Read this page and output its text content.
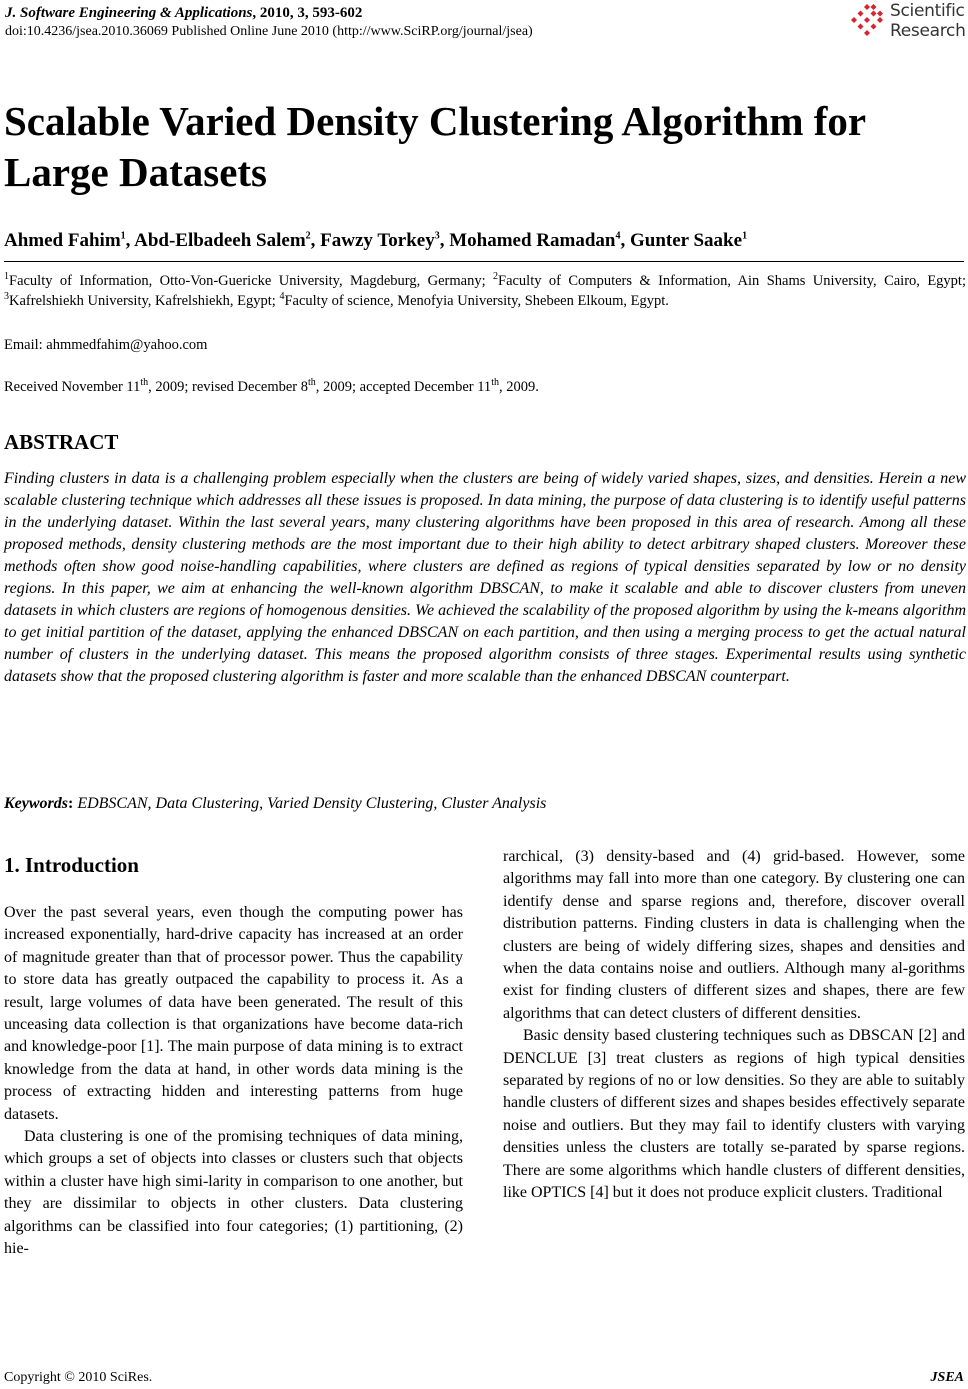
J. Software Engineering & Applications, 2010, 3, 593-602
doi:10.4236/jsea.2010.36069 Published Online June 2010 (http://www.SciRP.org/journal/jsea)
Scientific
Research
Scalable Varied Density Clustering Algorithm for
Large Datasets

Ahmed Fahim$^1$, Abd-Elbadeeh Salem$^2$, Fawzy Torkey$^3$, Mohamed Ramadan$^4$, Gunter Saake$^1$

$^1$Faculty of Information, Otto-Von-Guericke University, Magdeburg, Germany; $^2$Faculty of Computers & Information, Ain Shams University, Cairo, Egypt; $^3$Kafrelshiekh University, Kafrelshiekh, Egypt; $^4$Faculty of science, Menofyia University, Shebeen Elkoum, Egypt.

Email: ahmmedfahim@yahoo.com
Received November 11th, 2009; revised December 8th, 2009; accepted December 11th, 2009.
ABSTRACT

Finding clusters in data is a challenging problem especially when the clusters are being of widely varied shapes, sizes, and densities. Herein a new scalable clustering technique which addresses all these issues is proposed. In data mining, the purpose of data clustering is to identify useful patterns in the underlying dataset. Within the last several years, many clustering algorithms have been proposed in this area of research. Among all these proposed methods, density clustering methods are the most important due to their high ability to detect arbitrary shaped clusters. Moreover these methods often show good noise-handling capabilities, where clusters are defined as regions of typical densities separated by low or no density regions. In this paper, we aim at enhancing the well-known algorithm DBSCAN, to make it scalable and able to discover clusters from uneven datasets in which clusters are regions of homogenous densities. We achieved the scalability of the proposed algorithm by using the k-means algorithm to get initial partition of the dataset, applying the enhanced DBSCAN on each partition, and then using a merging process to get the actual natural number of clusters in the underlying dataset. This means the proposed algorithm consists of three stages. Experimental results using synthetic datasets show that the proposed clustering algorithm is faster and more scalable than the enhanced DBSCAN counterpart.

Keywords: EDBSCAN, Data Clustering, Varied Density Clustering, Cluster Analysis
1. Introduction

Over the past several years, even though the computing power has increased exponentially, hard-drive capacity has increased at an order of magnitude greater than that of processor power. Thus the capability to store data has greatly outpaced the capability to process it. As a result, large volumes of data have been generated. The result of this unceasing data collection is that organizations have become data-rich and knowledge-poor [1]. The main purpose of data mining is to extract knowledge from the data at hand, in other words data mining is the process of extracting hidden and interesting patterns from huge datasets.

Data clustering is one of the promising techniques of data mining, which groups a set of objects into classes or clusters such that objects within a cluster have high simi-larity in comparison to one another, but they are dissimilar to objects in other clusters. Data clustering algorithms can be classified into four categories; (1) partitioning, (2) hie-

rarchical, (3) density-based and (4) grid-based. However, some algorithms may fall into more than one category. By clustering one can identify dense and sparse regions and, therefore, discover overall distribution patterns. Finding clusters in data is challenging when the clusters are being of widely differing sizes, shapes and densities and when the data contains noise and outliers. Although many al-gorithms exist for finding clusters of different sizes and shapes, there are few algorithms that can detect clusters of different densities.

Basic density based clustering techniques such as DBSCAN [2] and DENCLUE [3] treat clusters as regions of high typical densities separated by regions of no or low densities. So they are able to suitably handle clusters of different sizes and shapes besides effectively separate noise and outliers. But they may fail to identify clusters with varying densities unless the clusters are totally se-parated by sparse regions. There are some algorithms which handle clusters of different densities, like OPTICS [4] but it does not produce explicit clusters. Traditional

Copyright © 2010 SciRes.	JSEA
